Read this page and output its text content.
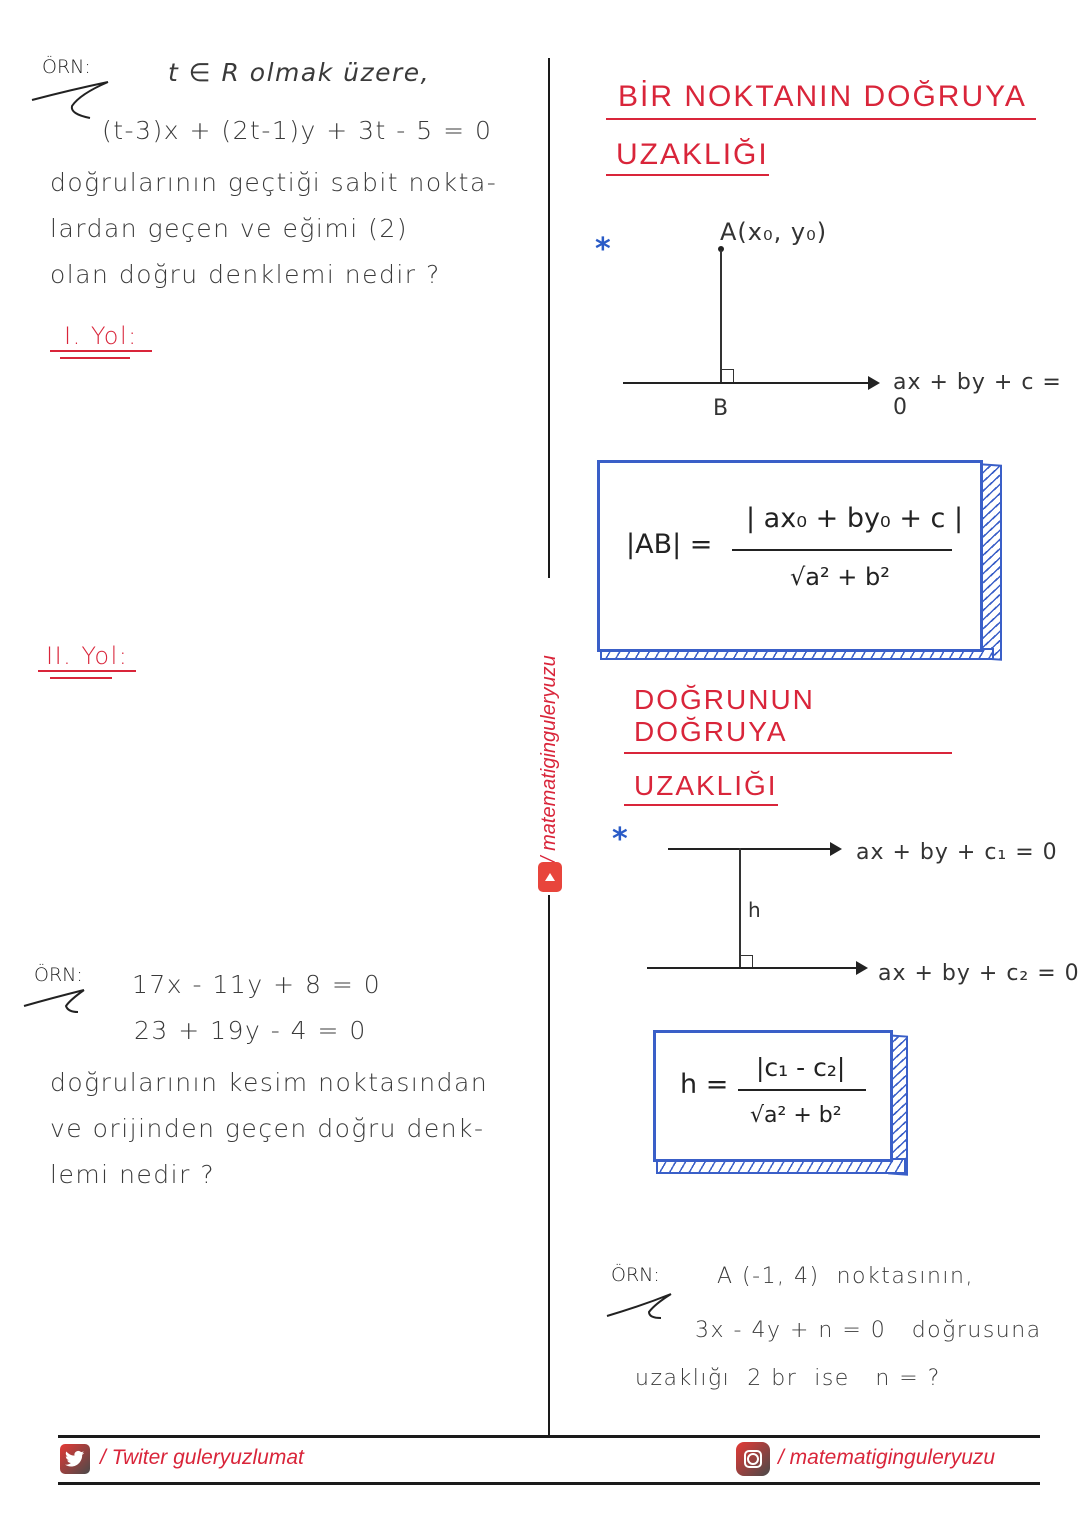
/ matematiginguleryuzu
ÖRN:	t ∈ R olmak üzere,
(t-3)x + (2t-1)y + 3t - 5 = 0
doğrularının geçtiği sabit nokta-
lardan geçen ve eğimi (2)
olan doğru denklemi nedir ?
I. Yol:
II. Yol:
ÖRN: 17x - 11y + 8 = 0
23 + 19y - 4 = 0
doğrularının kesim noktasından
ve orijinden geçen doğru denk-
lemi nedir ?
BİR NOKTANIN DOĞRUYA
UZAKLIĞI
*	A(x₀, y₀)
ax + by + c = 0
B
|AB| =
| ax₀ + by₀ + c |
√a² + b²
DOĞRUNUN DOĞRUYA
UZAKLIĞI
*	ax + by + c₁ = 0
h
ax + by + c₂ = 0
h =
|c₁ - c₂|
√a² + b²
ÖRN:	A (-1, 4)  noktasının,
3x - 4y + n = 0   doğrusuna
uzaklığı  2 br  ise   n = ?
/ Twiter guleryuzlumat	/ matematiginguleryuzu
